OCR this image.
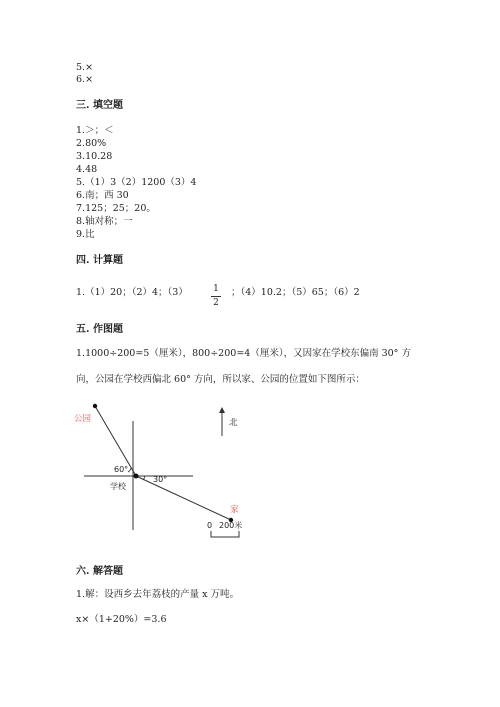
5.×
6.×
三. 填空题
1.＞；＜
2.80%
3.10.28
4.48
5.（1）3（2）1200（3）4
6.南；西 30
7.125；25；20。
8.轴对称；一
9.比
四. 计算题
1.（1）20；（2）4；（3）	1
2
；（4）10.2；（5）65；（6）2
五. 作图题
1.1000÷200=5（厘米），800÷200=4（厘米），又因家在学校东偏南 30° 方
向，公园在学校西偏北 60° 方向，所以家、公园的位置如下图所示：
公园
60°
30°
学校
北
家
0 200米
六. 解答题
1.解：设西乡去年荔枝的产量 x 万吨。
x×（1+20%）=3.6
